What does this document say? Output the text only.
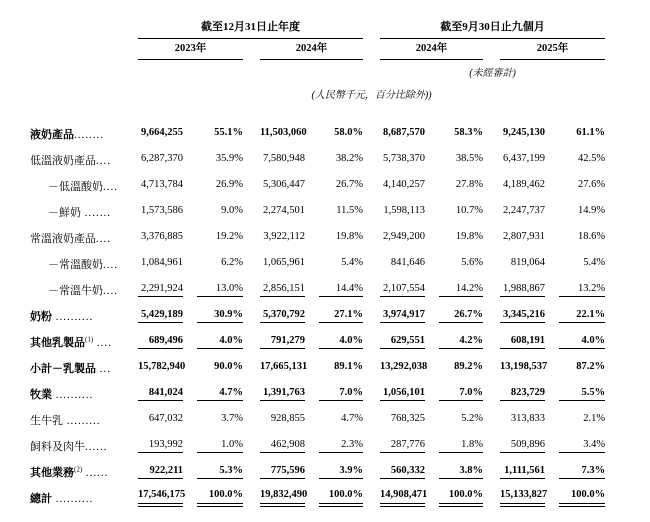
	截至12月31日止年度						截至9月30日止九個月				
	2023年			2024年			2024年			2025年	
							(未經審計)				
	(人民幣千元，百分比除外))										

液奶產品........	9,664,255	55.1%		11,503,060	58.0%		8,687,570	58.3%		9,245,130	61.1%

低溫液奶產品....	6,287,370	35.9%		7,580,948	38.2%		5,738,370	38.5%		6,437,199	42.5%

－低溫酸奶....	4,713,784	26.9%		5,306,447	26.7%		4,140,257	27.8%		4,189,462	27.6%

－鮮奶 .......	1,573,586	9.0%		2,274,501	11.5%		1,598,113	10.7%		2,247,737	14.9%

常溫液奶產品....	3,376,885	19.2%		3,922,112	19.8%		2,949,200	19.8%		2,807,931	18.6%

－常溫酸奶....	1,084,961	6.2%		1,065,961	5.4%		841,646	5.6%		819,064	5.4%

－常溫牛奶....	2,291,924	13.0%		2,856,151	14.4%		2,107,554	14.2%		1,988,867	13.2%

奶粉 ..........	5,429,189	30.9%		5,370,792	27.1%		3,974,917	26.7%		3,345,216	22.1%

其他乳製品$^{(1)}$ ....	689,496	4.0%		791,279	4.0%		629,551	4.2%		608,191	4.0%

小計－乳製品 ...	15,782,940	90.0%		17,665,131	89.1%		13,292,038	89.2%		13,198,537	87.2%

牧業 ..........	841,024	4.7%		1,391,763	7.0%		1,056,101	7.0%		823,729	5.5%

生牛乳 .........	647,032	3.7%		928,855	4.7%		768,325	5.2%		313,833	2.1%

飼料及肉牛......	193,992	1.0%		462,908	2.3%		287,776	1.8%		509,896	3.4%

其他業務$^{(2)}$ ......	922,211	5.3%		775,596	3.9%		560,332	3.8%		1,111,561	7.3%

總計 ..........	17,546,175	100.0%		19,832,490	100.0%		14,908,471	100.0%		15,133,827	100.0%
